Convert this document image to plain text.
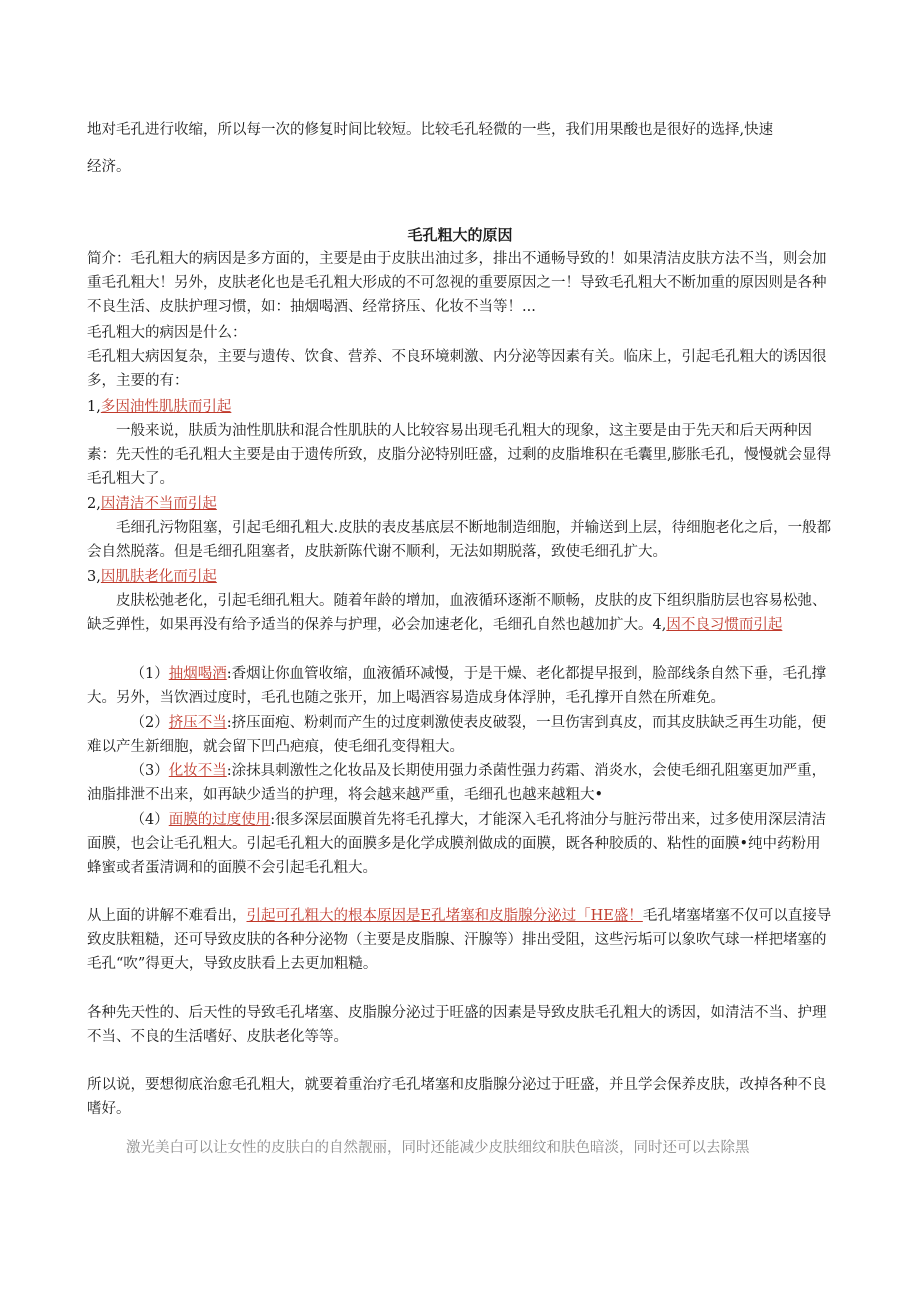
地对毛孔进行收缩，所以每一次的修复时间比较短。比较毛孔轻微的一些，我们用果酸也是很好的选择,快速

经济。

毛孔粗大的原因

简介：毛孔粗大的病因是多方面的，主要是由于皮肤出油过多，排出不通畅导致的！如果清洁皮肤方法不当，则会加重毛孔粗大！另外，皮肤老化也是毛孔粗大形成的不可忽视的重要原因之一！导致毛孔粗大不断加重的原因则是各种不良生活、皮肤护理习惯，如：抽烟喝酒、经常挤压、化妆不当等！...

毛孔粗大的病因是什么：

毛孔粗大病因复杂，主要与遗传、饮食、营养、不良环境刺激、内分泌等因素有关。临床上，引起毛孔粗大的诱因很多，主要的有：

1,多因油性肌肤而引起

一般来说，肤质为油性肌肤和混合性肌肤的人比较容易出现毛孔粗大的现象，这主要是由于先天和后天两种因素：先天性的毛孔粗大主要是由于遗传所致，皮脂分泌特别旺盛，过剩的皮脂堆积在毛囊里,膨胀毛孔，慢慢就会显得毛孔粗大了。

2,因清洁不当而引起

毛细孔污物阻塞，引起毛细孔粗大.皮肤的表皮基底层不断地制造细胞，并输送到上层，待细胞老化之后，一般都会自然脱落。但是毛细孔阻塞者，皮肤新陈代谢不顺利，无法如期脱落，致使毛细孔扩大。

3,因肌肤老化而引起

皮肤松弛老化，引起毛细孔粗大。随着年龄的增加，血液循环逐渐不顺畅，皮肤的皮下组织脂肪层也容易松弛、缺乏弹性，如果再没有给予适当的保养与护理，必会加速老化，毛细孔自然也越加扩大。4,因不良习惯而引起

（1）抽烟喝酒:香烟让你血管收缩，血液循环减慢，于是干燥、老化都提早报到，脸部线条自然下垂，毛孔撑大。另外，当饮酒过度时，毛孔也随之张开，加上喝酒容易造成身体浮肿，毛孔撑开自然在所难免。

（2）挤压不当:挤压面疱、粉刺而产生的过度刺激使表皮破裂，一旦伤害到真皮，而其皮肤缺乏再生功能，便难以产生新细胞，就会留下凹凸疤痕，使毛细孔变得粗大。

（3）化妆不当:涂抹具刺激性之化妆品及长期使用强力杀菌性强力药霜、消炎水，会使毛细孔阻塞更加严重，油脂排泄不出来，如再缺少适当的护理，将会越来越严重，毛细孔也越来越粗大•

（4）面膜的过度使用:很多深层面膜首先将毛孔撑大，才能深入毛孔将油分与脏污带出来，过多使用深层清洁面膜，也会让毛孔粗大。引起毛孔粗大的面膜多是化学成膜剂做成的面膜，既各种胶质的、粘性的面膜•纯中药粉用蜂蜜或者蛋清调和的面膜不会引起毛孔粗大。

从上面的讲解不难看出，引起可孔粗大的根本原因是E孔堵塞和皮脂腺分泌过「HE盛！毛孔堵塞堵塞不仅可以直接导致皮肤粗糙，还可导致皮肤的各种分泌物（主要是皮脂腺、汗腺等）排出受阻，这些污垢可以象吹气球一样把堵塞的毛孔“吹”得更大，导致皮肤看上去更加粗糙。

各种先天性的、后天性的导致毛孔堵塞、皮脂腺分泌过于旺盛的因素是导致皮肤毛孔粗大的诱因，如清洁不当、护理不当、不良的生活嗜好、皮肤老化等等。

所以说，要想彻底治愈毛孔粗大，就要着重治疗毛孔堵塞和皮脂腺分泌过于旺盛，并且学会保养皮肤，改掉各种不良嗜好。

激光美白可以让女性的皮肤白的自然靓丽，同时还能减少皮肤细纹和肤色暗淡，同时还可以去除黑
